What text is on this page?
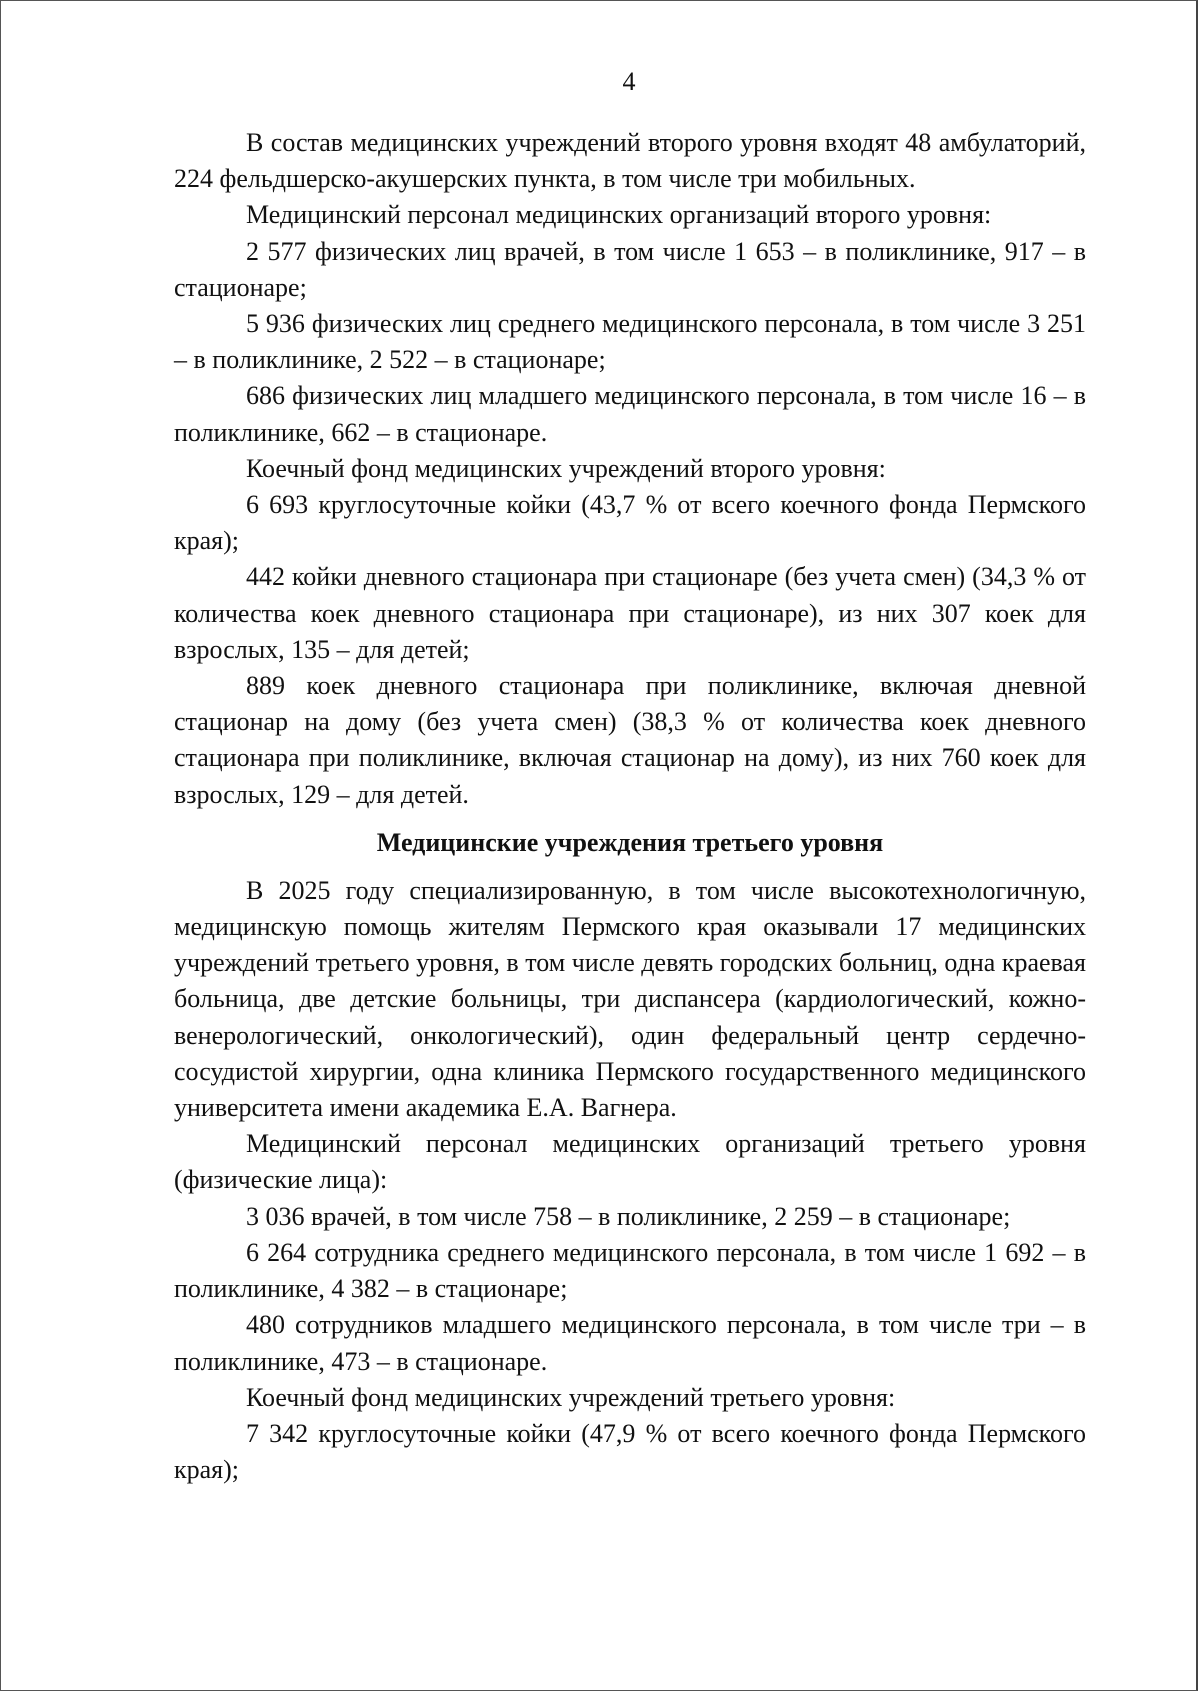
4

В состав медицинских учреждений второго уровня входят 48 амбулаторий, 224 фельдшерско-акушерских пункта, в том числе три мобильных.

Медицинский персонал медицинских организаций второго уровня:

2 577 физических лиц врачей, в том числе 1 653 – в поликлинике, 917 – в стационаре;

5 936 физических лиц среднего медицинского персонала, в том числе 3 251 – в поликлинике, 2 522 – в стационаре;

686 физических лиц младшего медицинского персонала, в том числе 16 – в поликлинике, 662 – в стационаре.

Коечный фонд медицинских учреждений второго уровня:

6 693 круглосуточные койки (43,7 % от всего коечного фонда Пермского края);

442 койки дневного стационара при стационаре (без учета смен) (34,3 % от количества коек дневного стационара при стационаре), из них 307 коек для взрослых, 135 – для детей;

889 коек дневного стационара при поликлинике, включая дневной стационар на дому (без учета смен) (38,3 % от количества коек дневного стационара при поликлинике, включая стационар на дому), из них 760 коек для взрослых, 129 – для детей.

Медицинские учреждения третьего уровня

В 2025 году специализированную, в том числе высокотехнологичную, медицинскую помощь жителям Пермского края оказывали 17 медицинских учреждений третьего уровня, в том числе девять городских больниц, одна краевая больница, две детские больницы, три диспансера (кардиологический, кожно-венерологический, онкологический), один федеральный центр сердечно-сосудистой хирургии, одна клиника Пермского государственного медицинского университета имени академика Е.А. Вагнера.

Медицинский персонал медицинских организаций третьего уровня (физические лица):

3 036 врачей, в том числе 758 – в поликлинике, 2 259 – в стационаре;

6 264 сотрудника среднего медицинского персонала, в том числе 1 692 – в поликлинике, 4 382 – в стационаре;

480 сотрудников младшего медицинского персонала, в том числе три – в поликлинике, 473 – в стационаре.

Коечный фонд медицинских учреждений третьего уровня:

7 342 круглосуточные койки (47,9 % от всего коечного фонда Пермского края);
